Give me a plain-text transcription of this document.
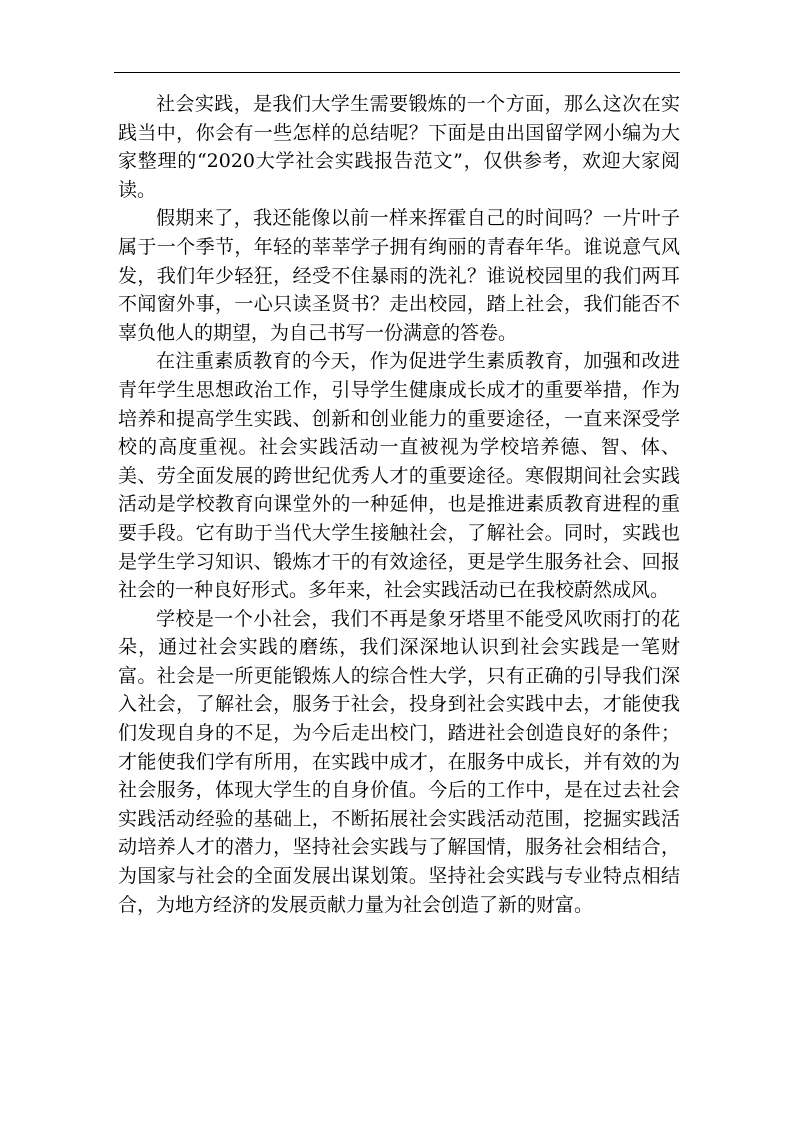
社会实践，是我们大学生需要锻炼的一个方面，那么这次在实践当中，你会有一些怎样的总结呢？下面是由出国留学网小编为大家整理的“2020大学社会实践报告范文”，仅供参考，欢迎大家阅读。

假期来了，我还能像以前一样来挥霍自己的时间吗？一片叶子属于一个季节，年轻的莘莘学子拥有绚丽的青春年华。谁说意气风发，我们年少轻狂，经受不住暴雨的洗礼？谁说校园里的我们两耳不闻窗外事，一心只读圣贤书？走出校园，踏上社会，我们能否不辜负他人的期望，为自己书写一份满意的答卷。

在注重素质教育的今天，作为促进学生素质教育，加强和改进青年学生思想政治工作，引导学生健康成长成才的重要举措，作为培养和提高学生实践、创新和创业能力的重要途径，一直来深受学校的高度重视。社会实践活动一直被视为学校培养德、智、体、美、劳全面发展的跨世纪优秀人才的重要途径。寒假期间社会实践活动是学校教育向课堂外的一种延伸，也是推进素质教育进程的重要手段。它有助于当代大学生接触社会，了解社会。同时，实践也是学生学习知识、锻炼才干的有效途径，更是学生服务社会、回报社会的一种良好形式。多年来，社会实践活动已在我校蔚然成风。

学校是一个小社会，我们不再是象牙塔里不能受风吹雨打的花朵，通过社会实践的磨练，我们深深地认识到社会实践是一笔财富。社会是一所更能锻炼人的综合性大学，只有正确的引导我们深入社会，了解社会，服务于社会，投身到社会实践中去，才能使我们发现自身的不足，为今后走出校门，踏进社会创造良好的条件；才能使我们学有所用，在实践中成才，在服务中成长，并有效的为社会服务，体现大学生的自身价值。今后的工作中，是在过去社会实践活动经验的基础上，不断拓展社会实践活动范围，挖掘实践活动培养人才的潜力，坚持社会实践与了解国情，服务社会相结合，为国家与社会的全面发展出谋划策。坚持社会实践与专业特点相结合，为地方经济的发展贡献力量为社会创造了新的财富。
